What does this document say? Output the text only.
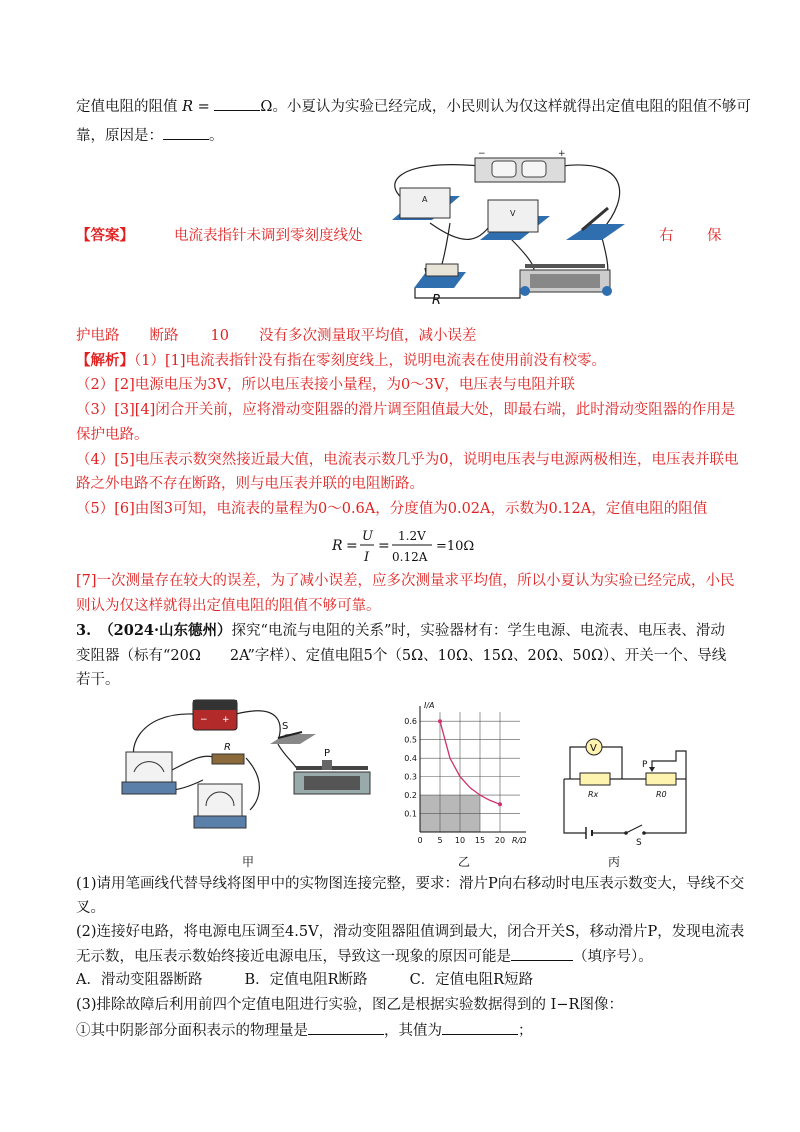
定值电阻的阻值 R =	Ω。小夏认为实验已经完成，小民则认为仅这样就得出定值电阻的阻值不够可
靠，原因是：	。
−	+
A
V
R
【答案】	电流表指针未调到零刻度线处	右 保
护电路 断路 10 没有多次测量取平均值，减小误差
【解析】（1）[1]电流表指针没有指在零刻度线上，说明电流表在使用前没有校零。
（2）[2]电源电压为3V，所以电压表接小量程，为0～3V，电压表与电阻并联
（3）[3][4]闭合开关前，应将滑动变阻器的滑片调至阻值最大处，即最右端，此时滑动变阻器的作用是
保护电路。
（4）[5]电压表示数突然接近最大值，电流表示数几乎为0，说明电压表与电源两极相连，电压表并联电
路之外电路不存在断路，则与电压表并联的电阻断路。
（5）[6]由图3可知，电流表的量程为0～0.6A，分度值为0.02A，示数为0.12A，定值电阻的阻值
R =
U
I
=
1.2V
0.12A
=10Ω
[7]一次测量存在较大的误差，为了减小误差，应多次测量求平均值，所以小夏认为实验已经完成，小民
则认为仅这样就得出定值电阻的阻值不够可靠。
3. （2024·山东德州）探究“电流与电阻的关系”时，实验器材有：学生电源、电流表、电压表、滑动
变阻器（标有“20Ω　　2A”字样）、定值电阻5个（5Ω、10Ω、15Ω、20Ω、50Ω）、开关一个、导线
若干。
− +
S
R
P
甲
0.1
0.2
0.3
0.4
0.5
0.6
0 5 10 15 20
I/A
R/Ω
乙
V
P
Rx	R0
S
丙
(1)请用笔画线代替导线将图甲中的实物图连接完整，要求：滑片P向右移动时电压表示数变大，导线不交
叉。
(2)连接好电路，将电源电压调至4.5V，滑动变阻器阻值调到最大，闭合开关S，移动滑片P，发现电流表
无示数，电压表示数始终接近电源电压，导致这一现象的原因可能是	（填序号）。
A．滑动变阻器断路	B．定值电阻R断路	C．定值电阻R短路
(3)排除故障后利用前四个定值电阻进行实验，图乙是根据实验数据得到的 I−R图像：
①其中阴影部分面积表示的物理量是	，其值为	；
